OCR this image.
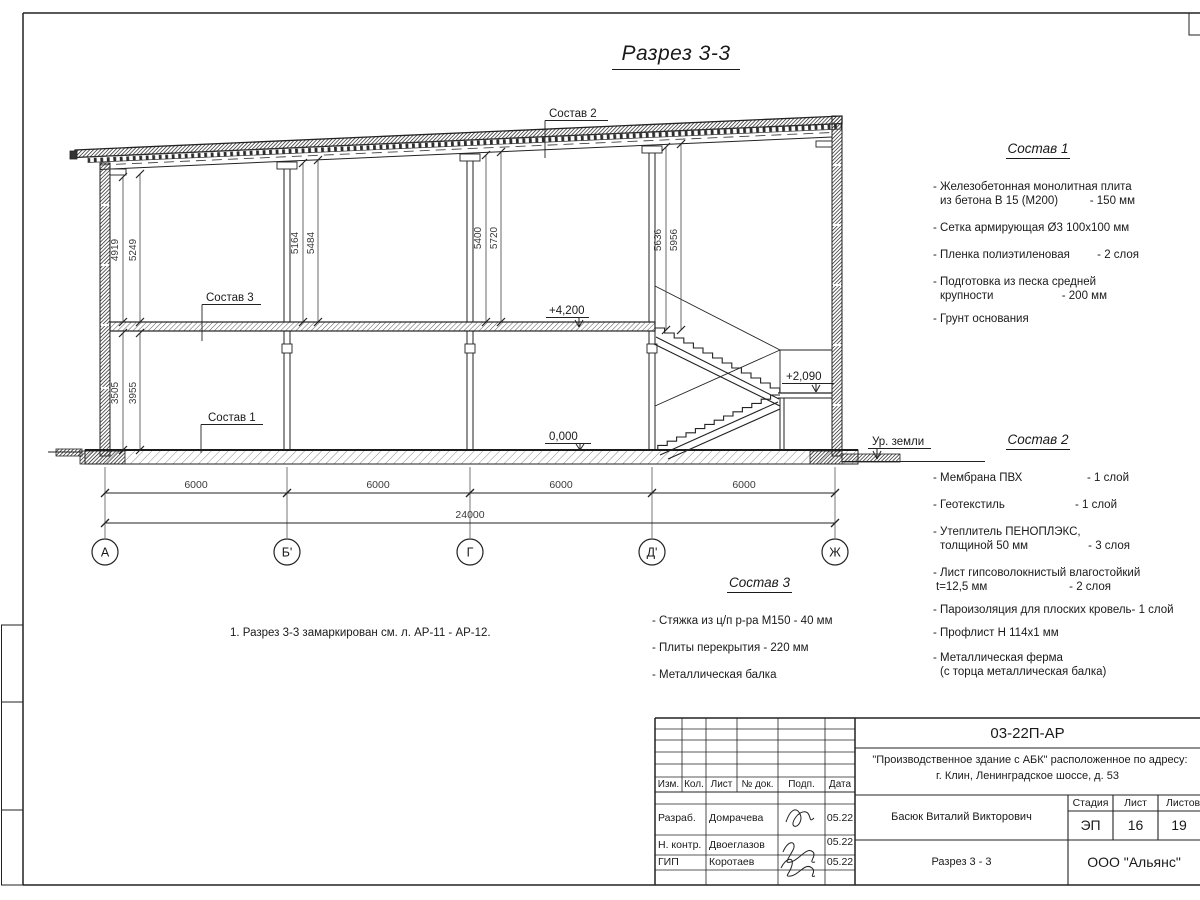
4919 5249
3505 3955
5164 5484	5400 5720	5636 5956
Состав 2
Состав 3
Состав 1
+4,200
0,000
+2,090
Ур. земли
6000	6000	6000	6000
24000
А	Б'	Г	Д'	Ж
Разрез 3-3
Состав 1
- Железобетонная монолитная плита
из бетона В 15 (М200)	- 150 мм
- Сетка армирующая Ø3 100х100 мм
- Пленка полиэтиленовая - 2 слоя
- Подготовка из песка средней
крупности	- 200 мм
- Грунт основания
Состав 2
- Мембрана ПВХ	- 1 слой
- Геотекстиль	- 1 слой
- Утеплитель ПЕНОПЛЭКС,
толщиной 50 мм	- 3 слоя
- Лист гипсоволокнистый влагостойкий
t=12,5 мм	- 2 слоя
- Пароизоляция для плоских кровель - 1 слой
- Профлист Н 114х1 мм
- Металлическая ферма
(с торца металлическая балка)
Состав 3
- Стяжка из ц/п р-ра М150 - 40 мм
- Плиты перекрытия - 220 мм
- Металлическая балка
1. Разрез 3-3 замаркирован см. л. АР-11 - АР-12.
Изм. Кол. Лист № док.	Подп.	Дата
Разраб.	Домрачева	05.22
Н. контр. Двоеглазов	05.22
ГИП	Коротаев	05.22
03-22П-АР
"Производственное здание с АБК" расположенное по адресу:
г. Клин, Ленинградское шоссе, д. 53
Басюк Виталий Викторович
Стадия	Лист	Листов
ЭП	16	19
Разрез 3 - 3	ООО "Альянс"
